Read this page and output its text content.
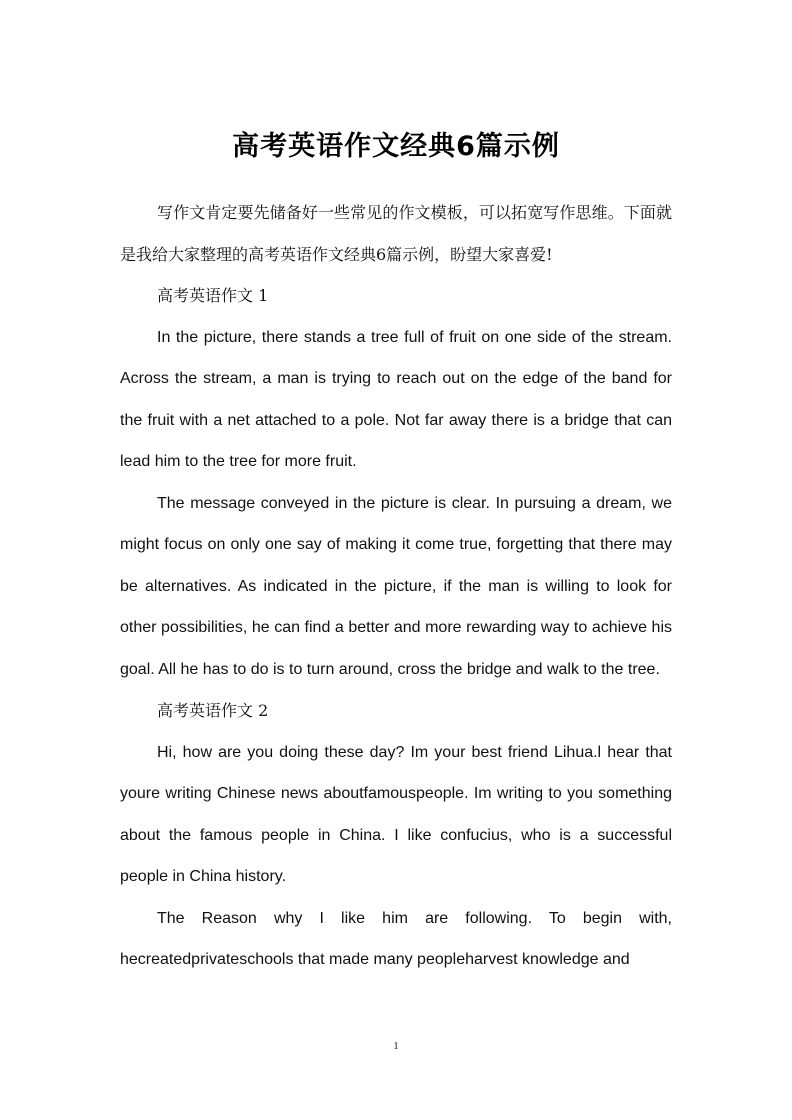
高考英语作文经典6篇示例

写作文肯定要先储备好一些常见的作文模板，可以拓宽写作思维。下面就是我给大家整理的高考英语作文经典6篇示例，盼望大家喜爱!

高考英语作文 1

In the picture, there stands a tree full of fruit on one side of the stream. Across the stream, a man is trying to reach out on the edge of the band for the fruit with a net attached to a pole. Not far away there is a bridge that can lead him to the tree for more fruit.

The message conveyed in the picture is clear. In pursuing a dream, we might focus on only one say of making it come true, forgetting that there may be alternatives. As indicated in the picture, if the man is willing to look for other possibilities, he can find a better and more rewarding way to achieve his goal. All he has to do is to turn around, cross the bridge and walk to the tree.

高考英语作文 2

Hi, how are you doing these day? Im your best friend Lihua.l hear that youre writing Chinese news aboutfamouspeople. Im writing to you something about the famous people in China. I like confucius, who is a successful people in China history.

The Reason why I like him are following. To begin with, hecreatedprivateschools that made many peopleharvest knowledge and

1
